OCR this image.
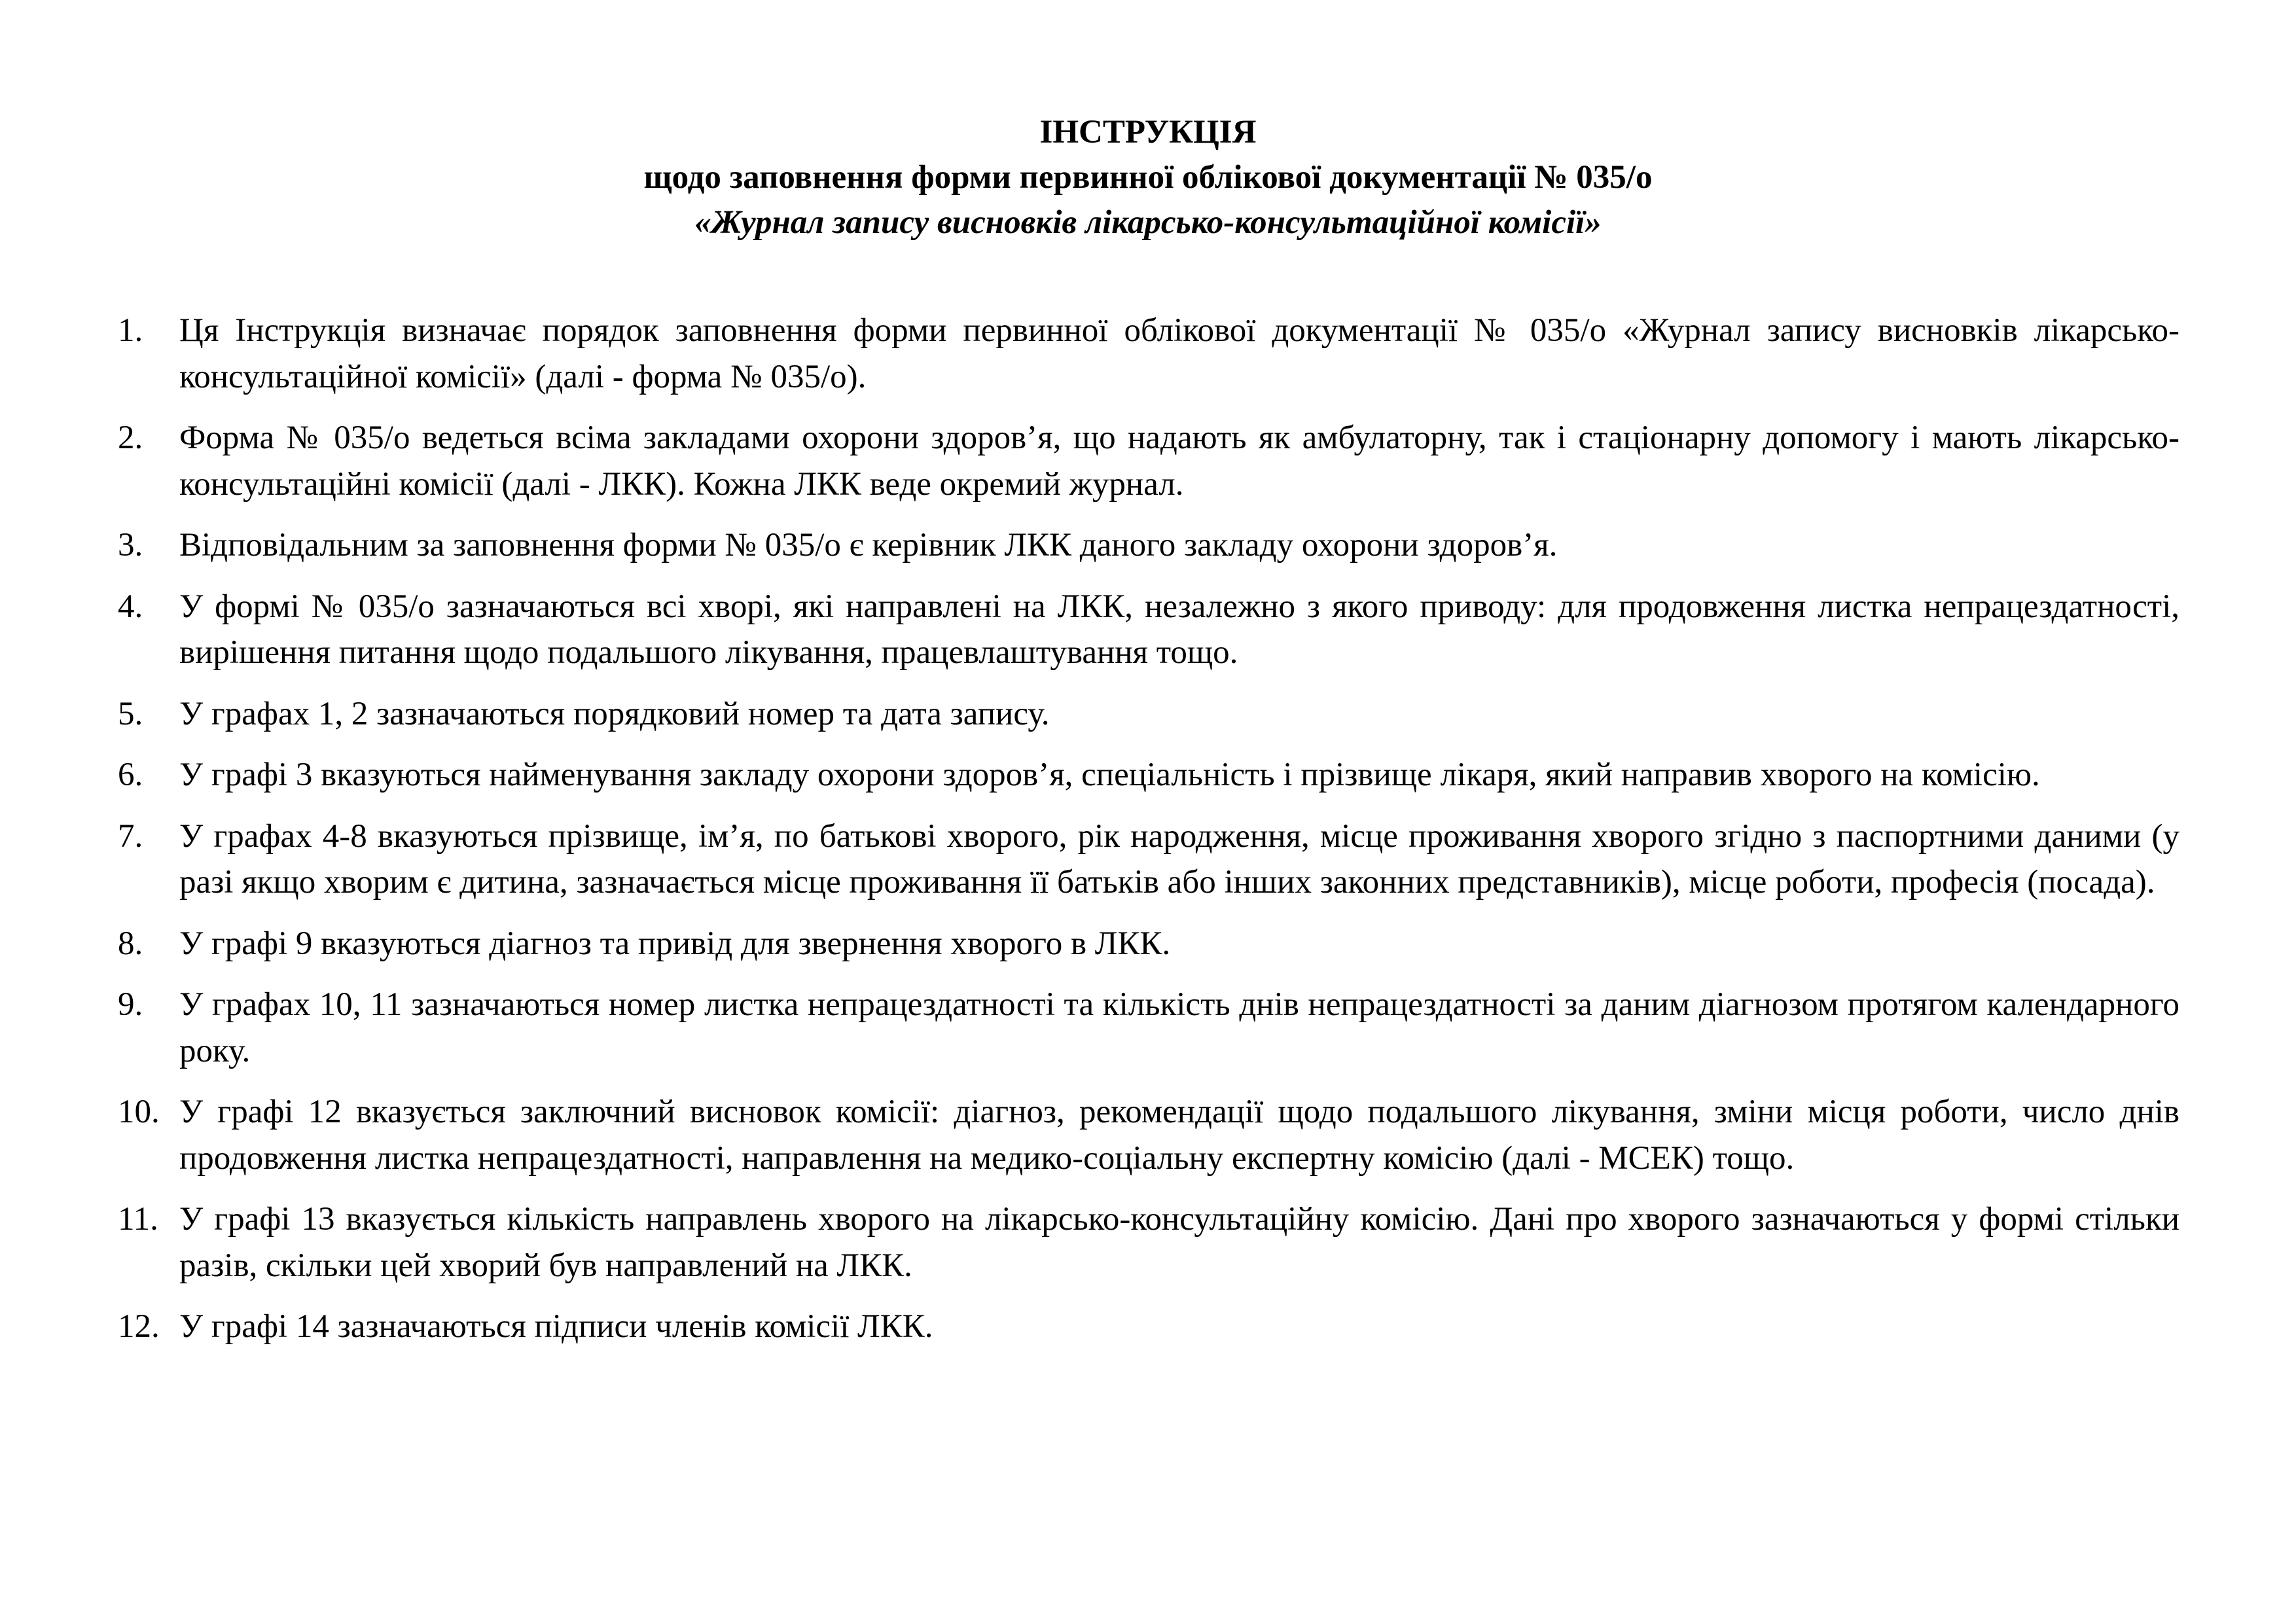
ІНСТРУКЦІЯ
щодо заповнення форми первинної облікової документації № 035/о
«Журнал запису висновків лікарсько-консультаційної комісії»
1.	Ця Інструкція визначає порядок заповнення форми первинної облікової документації № 035/о «Журнал запису висновків лікарсько-консультаційної комісії» (далі - форма № 035/о).
2.	Форма № 035/о ведеться всіма закладами охорони здоров’я, що надають як амбулаторну, так і стаціонарну допомогу і мають лікарсько-консультаційні комісії (далі - ЛКК). Кожна ЛКК веде окремий журнал.
3.	Відповідальним за заповнення форми № 035/о є керівник ЛКК даного закладу охорони здоров’я.
4.	У формі № 035/о зазначаються всі хворі, які направлені на ЛКК, незалежно з якого приводу: для продовження листка непрацездатності, вирішення питання щодо подальшого лікування, працевлаштування тощо.
5.	У графах 1, 2 зазначаються порядковий номер та дата запису.
6.	У графі 3 вказуються найменування закладу охорони здоров’я, спеціальність і прізвище лікаря, який направив хворого на комісію.
7.	У графах 4-8 вказуються прізвище, ім’я, по батькові хворого, рік народження, місце проживання хворого згідно з паспортними даними (у разі якщо хворим є дитина, зазначається місце проживання її батьків або інших законних представників), місце роботи, професія (посада).
8.	У графі 9 вказуються діагноз та привід для звернення хворого в ЛКК.
9.	У графах 10, 11 зазначаються номер листка непрацездатності та кількість днів непрацездатності за даним діагнозом протягом календарного року.
10. У графі 12 вказується заключний висновок комісії: діагноз, рекомендації щодо подальшого лікування, зміни місця роботи, число днів продовження листка непрацездатності, направлення на медико-соціальну експертну комісію (далі - МСЕК) тощо.
11. У графі 13 вказується кількість направлень хворого на лікарсько-консультаційну комісію. Дані про хворого зазначаються у формі стільки разів, скільки цей хворий був направлений на ЛКК.
12. У графі 14 зазначаються підписи членів комісії ЛКК.
